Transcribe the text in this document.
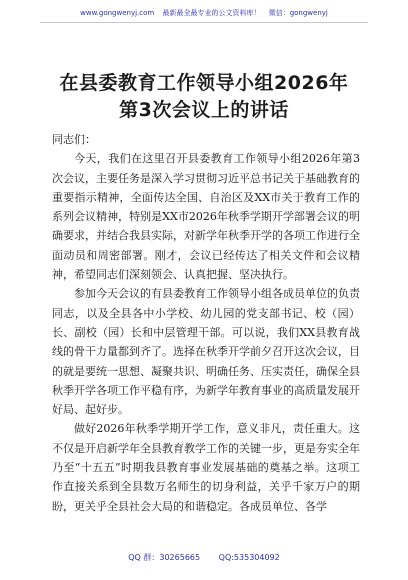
www.gongwenyj.com 最新最全最专业的公文资料库！ 微信：gongwenyj
在县委教育工作领导小组2026年第3次会议上的讲话

同志们：

今天，我们在这里召开县委教育工作领导小组2026年第3次会议，主要任务是深入学习贯彻习近平总书记关于基础教育的重要指示精神，全面传达全国、自治区及XX市关于教育工作的系列会议精神，特别是XX市2026年秋季学期开学部署会议的明确要求，并结合我县实际，对新学年秋季开学的各项工作进行全面动员和周密部署。刚才，会议已经传达了相关文件和会议精神，希望同志们深刻领会、认真把握、坚决执行。

参加今天会议的有县委教育工作领导小组各成员单位的负责同志，以及全县各中小学校、幼儿园的党支部书记、校（园）长、副校（园）长和中层管理干部。可以说，我们XX县教育战线的骨干力量都到齐了。选择在秋季开学前夕召开这次会议，目的就是要统一思想、凝聚共识、明确任务、压实责任，确保全县秋季开学各项工作平稳有序，为新学年教育事业的高质量发展开好局、起好步。

做好2026年秋季学期开学工作，意义非凡，责任重大。这不仅是开启新学年全县教育教学工作的关键一步，更是夯实全年乃至“十五五”时期我县教育事业发展基础的奠基之举。这项工作直接关系到全县数万名师生的切身利益，关乎千家万户的期盼，更关乎全县社会大局的和谐稳定。各成员单位、各学

QQ 群：30265665 QQ:535304092
